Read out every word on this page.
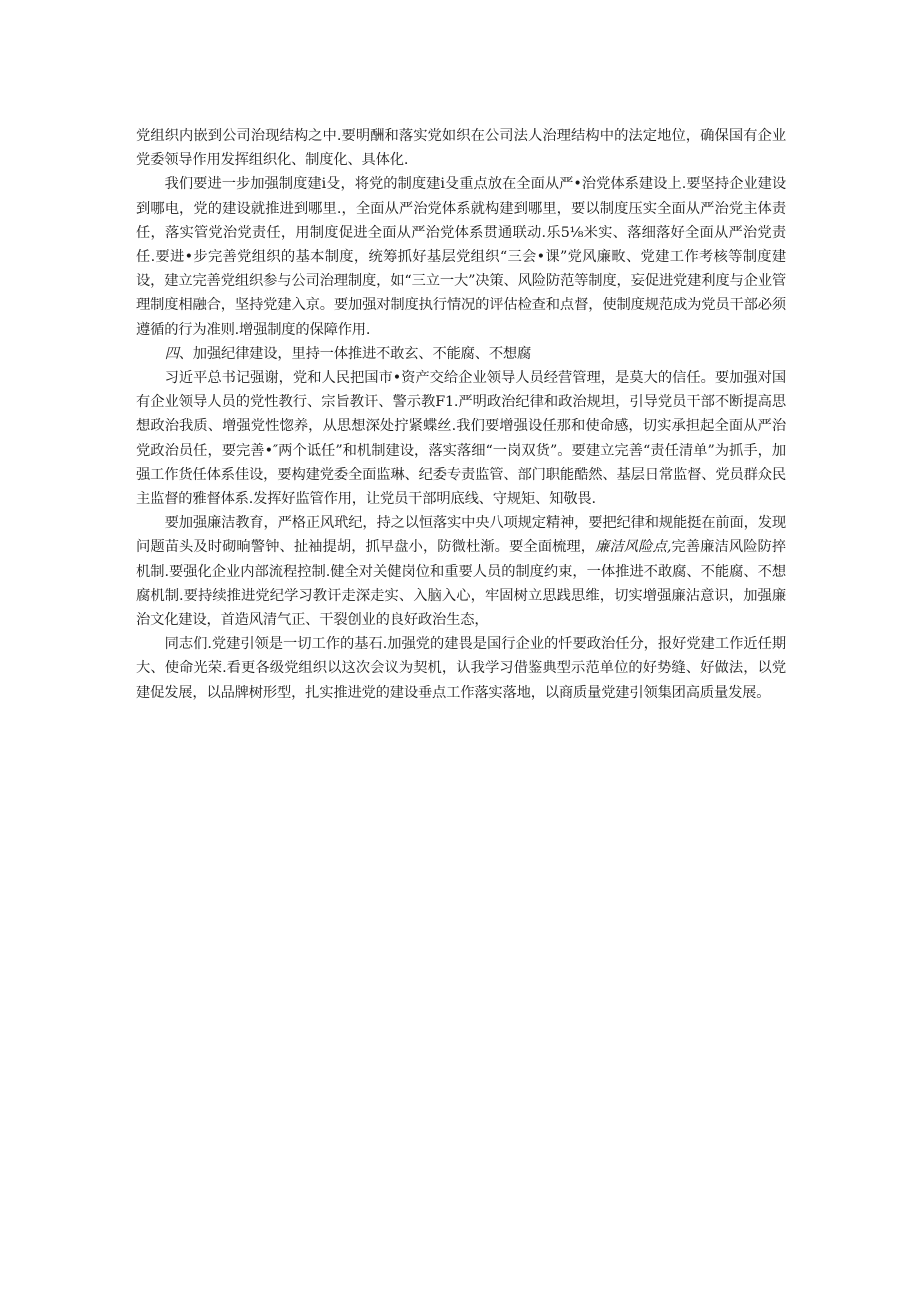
党组织内嵌到公司治现结构之中.要明酬和落实党如织在公司法人治理结构中的法定地位，确保国有企业党委领导作用发挥组织化、制度化、具体化.

我们要进一步加强制度建i殳，将党的制度建i殳重点放在全面从严•治党体系建设上.要坚持企业建设到哪电，党的建设就推进到哪里.，全面从严治党体系就构建到哪里，要以制度压实全面从严治党主体责任，落实管党治党责任，用制度促进全面从严治党体系贯通联动.乐5⅛米实、落细落好全面从严治党责任.要进•步完善党组织的基本制度，统筹抓好基层党组织“三会•课”党风廉畋、党建工作考核等制度建设，建立完善党组织参与公司治理制度，如“三立一大”决策、风险防范等制度，妄促进党建利度与企业管理制度相融合，坚持党建入京。要加强对制度执行情况的评估检查和点督，使制度规范成为党员干部必须遵循的行为准则.增强制度的保障作用.

四、加强纪律建设，里持一体推进不敢玄、不能腐、不想腐

习近平总书记强谢，党和人民把国市•资产交给企业领导人员经营管理，是莫大的信任。要加强对国有企业领导人员的党性教行、宗旨教讦、警示教F1.严明政治纪律和政治规坦，引导党员干部不断提高思想政治我质、增强党性惚养，从思想深处拧紧蝶丝.我们要增强设任那和使命感，切实承担起全面从严治党政治员任，要完善•″两个诋任”和机制建设，落实落细“一岗双货”。要建立完善“责任清单”为抓手，加强工作货任体系佳设，要构建党委全面监琳、纪委专责监管、部门职能酷然、基层日常监督、党员群众民主监督的雅督体系.发挥好监管作用，让党员干部明底线、守规矩、知敬畏.

要加强廉洁教育，严格正风玳纪，持之以恒落实中央八项规定精神，要把纪律和规能挺在前面，发现问题苗头及时砌晌警钟、扯袖提胡，抓早盘小，防微杜渐。要全面梳理，廉洁风险点,完善廉洁风险防捽机制.要强化企业内部流程控制.健全对关健岗位和重要人员的制度约束，一体推进不敢腐、不能腐、不想腐机制.要持续推进党纪学习教讦走深走实、入脑入心，牢固树立思践思维，切实增强廉沾意识，加强廉治文化建设，首造风清气正、干裂创业的良好政治生态，

同志们.党建引领是一切工作的基石.加强党的建畏是国行企业的忏要政治任分，报好党建工作近任期大、使命光荣.看更各级党组织以这次会议为契机，认我学习借鉴典型示范单位的好势缝、好做法，以党建促发展，以品牌树形型，扎实推进党的建设垂点工作落实落地，以商质量党建引领集团高质量发展。
